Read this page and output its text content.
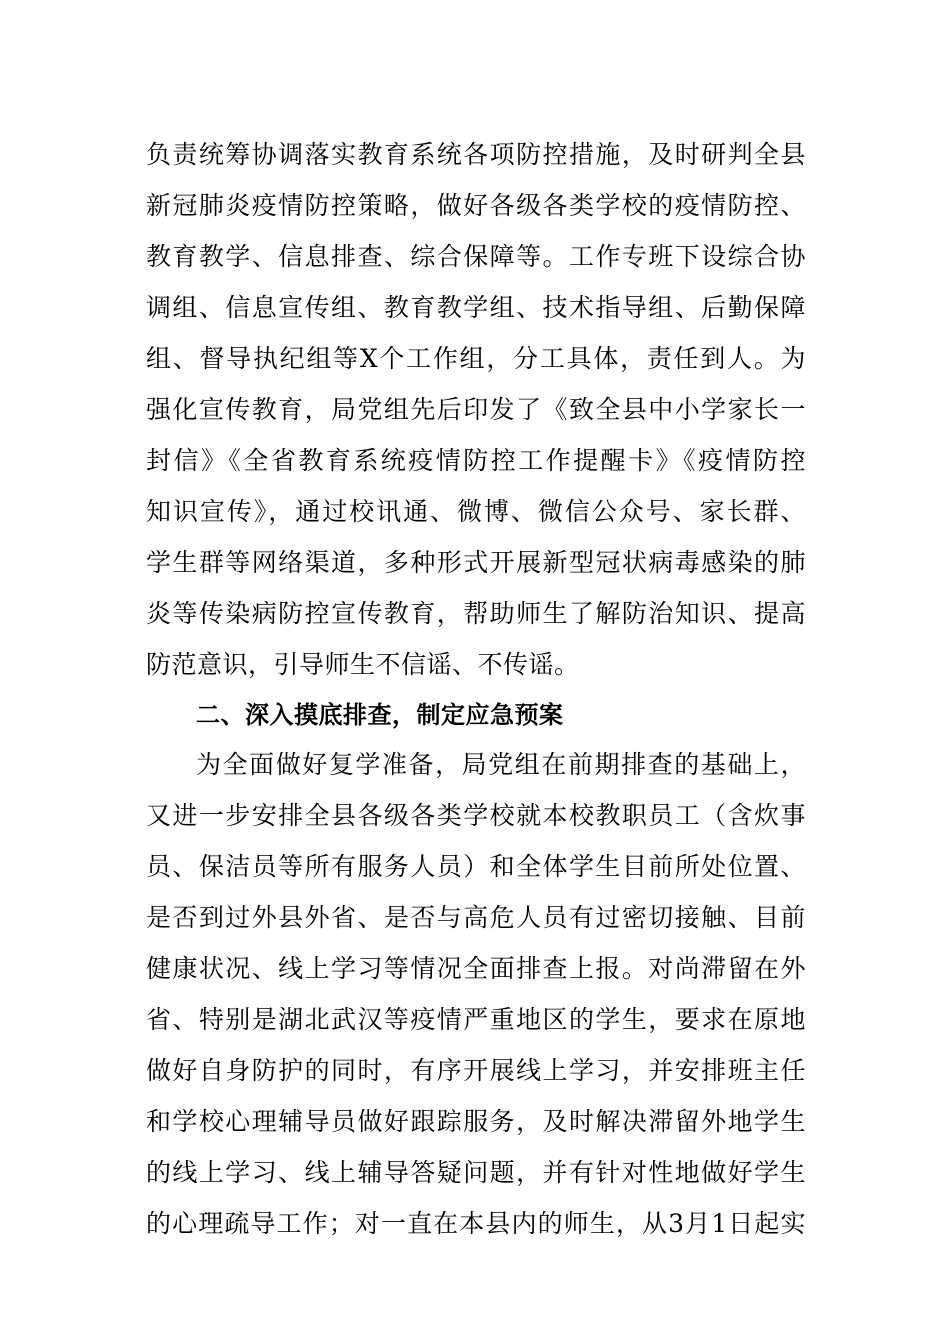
负责统筹协调落实教育系统各项防控措施，及时研判全县
新冠肺炎疫情防控策略，做好各级各类学校的疫情防控、
教育教学、信息排查、综合保障等。工作专班下设综合协
调组、信息宣传组、教育教学组、技术指导组、后勤保障
组、督导执纪组等X个工作组，分工具体，责任到人。为
强化宣传教育，局党组先后印发了《致全县中小学家长一
封信》《全省教育系统疫情防控工作提醒卡》《疫情防控
知识宣传》，通过校讯通、微博、微信公众号、家长群、
学生群等网络渠道，多种形式开展新型冠状病毒感染的肺
炎等传染病防控宣传教育，帮助师生了解防治知识、提高
防范意识，引导师生不信谣、不传谣。
二、深入摸底排查，制定应急预案
为全面做好复学准备，局党组在前期排查的基础上，
又进一步安排全县各级各类学校就本校教职员工（含炊事
员、保洁员等所有服务人员）和全体学生目前所处位置、
是否到过外县外省、是否与高危人员有过密切接触、目前
健康状况、线上学习等情况全面排查上报。对尚滞留在外
省、特别是湖北武汉等疫情严重地区的学生，要求在原地
做好自身防护的同时，有序开展线上学习，并安排班主任
和学校心理辅导员做好跟踪服务，及时解决滞留外地学生
的线上学习、线上辅导答疑问题，并有针对性地做好学生
的心理疏导工作；对一直在本县内的师生，从3月1日起实
